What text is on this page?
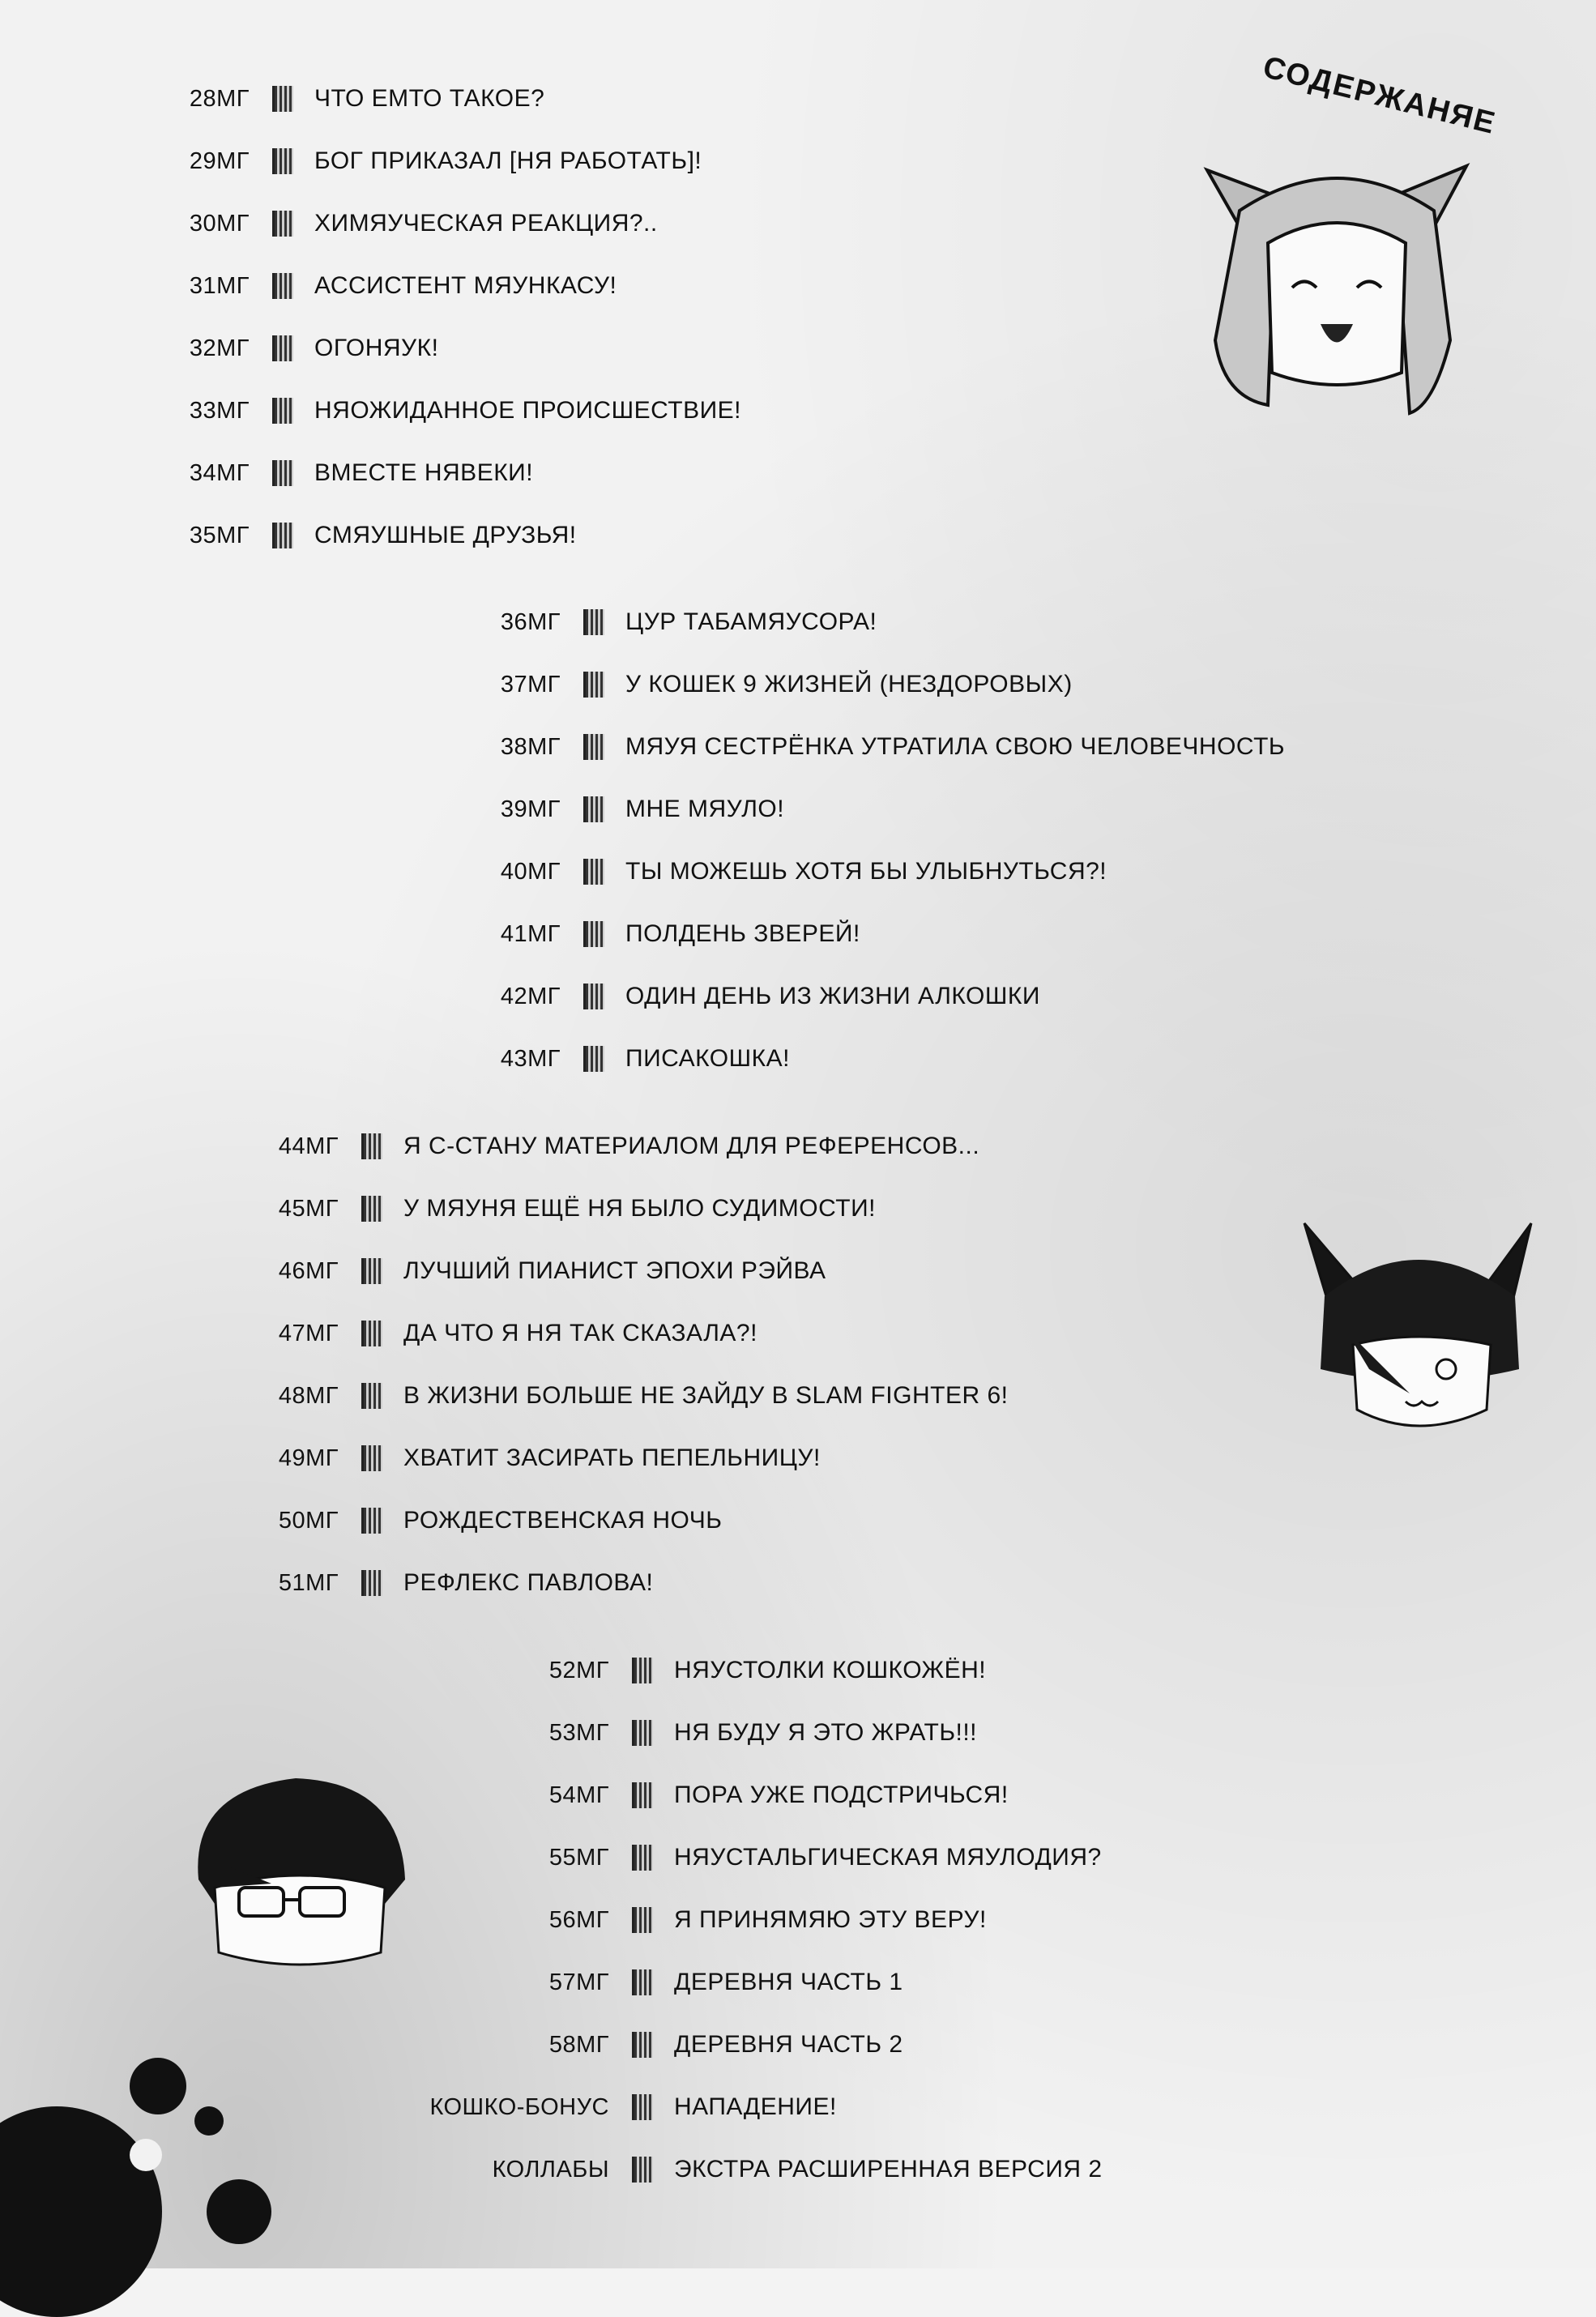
СОДЕРЖАНЯЕ
28МГ	ЧТО ЕМТО ТАКОЕ?
29МГ	БОГ ПРИКАЗАЛ [НЯ РАБОТАТЬ]!
30МГ	ХИМЯУЧЕСКАЯ РЕАКЦИЯ?..
31МГ	АССИСТЕНТ МЯУНКАСУ!
32МГ	ОГОНЯУК!
33МГ	НЯОЖИДАННОЕ ПРОИСШЕСТВИЕ!
34МГ	ВМЕСТЕ НЯВЕКИ!
35МГ	СМЯУШНЫЕ ДРУЗЬЯ!
36МГ	ЦУР ТАБАМЯУСОРА!
37МГ	У КОШЕК 9 ЖИЗНЕЙ (НЕЗДОРОВЫХ)
38МГ	МЯУЯ СЕСТРЁНКА УТРАТИЛА СВОЮ ЧЕЛОВЕЧНОСТЬ
39МГ	МНЕ МЯУЛО!
40МГ	ТЫ МОЖЕШЬ ХОТЯ БЫ УЛЫБНУТЬСЯ?!
41МГ	ПОЛДЕНЬ ЗВЕРЕЙ!
42МГ	ОДИН ДЕНЬ ИЗ ЖИЗНИ АЛКОШКИ
43МГ	ПИСАКОШКА!
44МГ	Я С-СТАНУ МАТЕРИАЛОМ ДЛЯ РЕФЕРЕНСОВ...
45МГ	У МЯУНЯ ЕЩЁ НЯ БЫЛО СУДИМОСТИ!
46МГ	ЛУЧШИЙ ПИАНИСТ ЭПОХИ РЭЙВА
47МГ	ДА ЧТО Я НЯ ТАК СКАЗАЛА?!
48МГ	В ЖИЗНИ БОЛЬШЕ НЕ ЗАЙДУ В SLAM FIGHTER 6!
49МГ	ХВАТИТ ЗАСИРАТЬ ПЕПЕЛЬНИЦУ!
50МГ	РОЖДЕСТВЕНСКАЯ НОЧЬ
51МГ	РЕФЛЕКС ПАВЛОВА!
52МГ	НЯУСТОЛКИ КОШКОЖЁН!
53МГ	НЯ БУДУ Я ЭТО ЖРАТЬ!!!
54МГ	ПОРА УЖЕ ПОДСТРИЧЬСЯ!
55МГ	НЯУСТАЛЬГИЧЕСКАЯ МЯУЛОДИЯ?
56МГ	Я ПРИНЯМЯЮ ЭТУ ВЕРУ!
57МГ	ДЕРЕВНЯ ЧАСТЬ 1
58МГ	ДЕРЕВНЯ ЧАСТЬ 2
КОШКО-БОНУС	НАПАДЕНИЕ!
КОЛЛАБЫ	ЭКСТРА РАСШИРЕННАЯ ВЕРСИЯ 2
